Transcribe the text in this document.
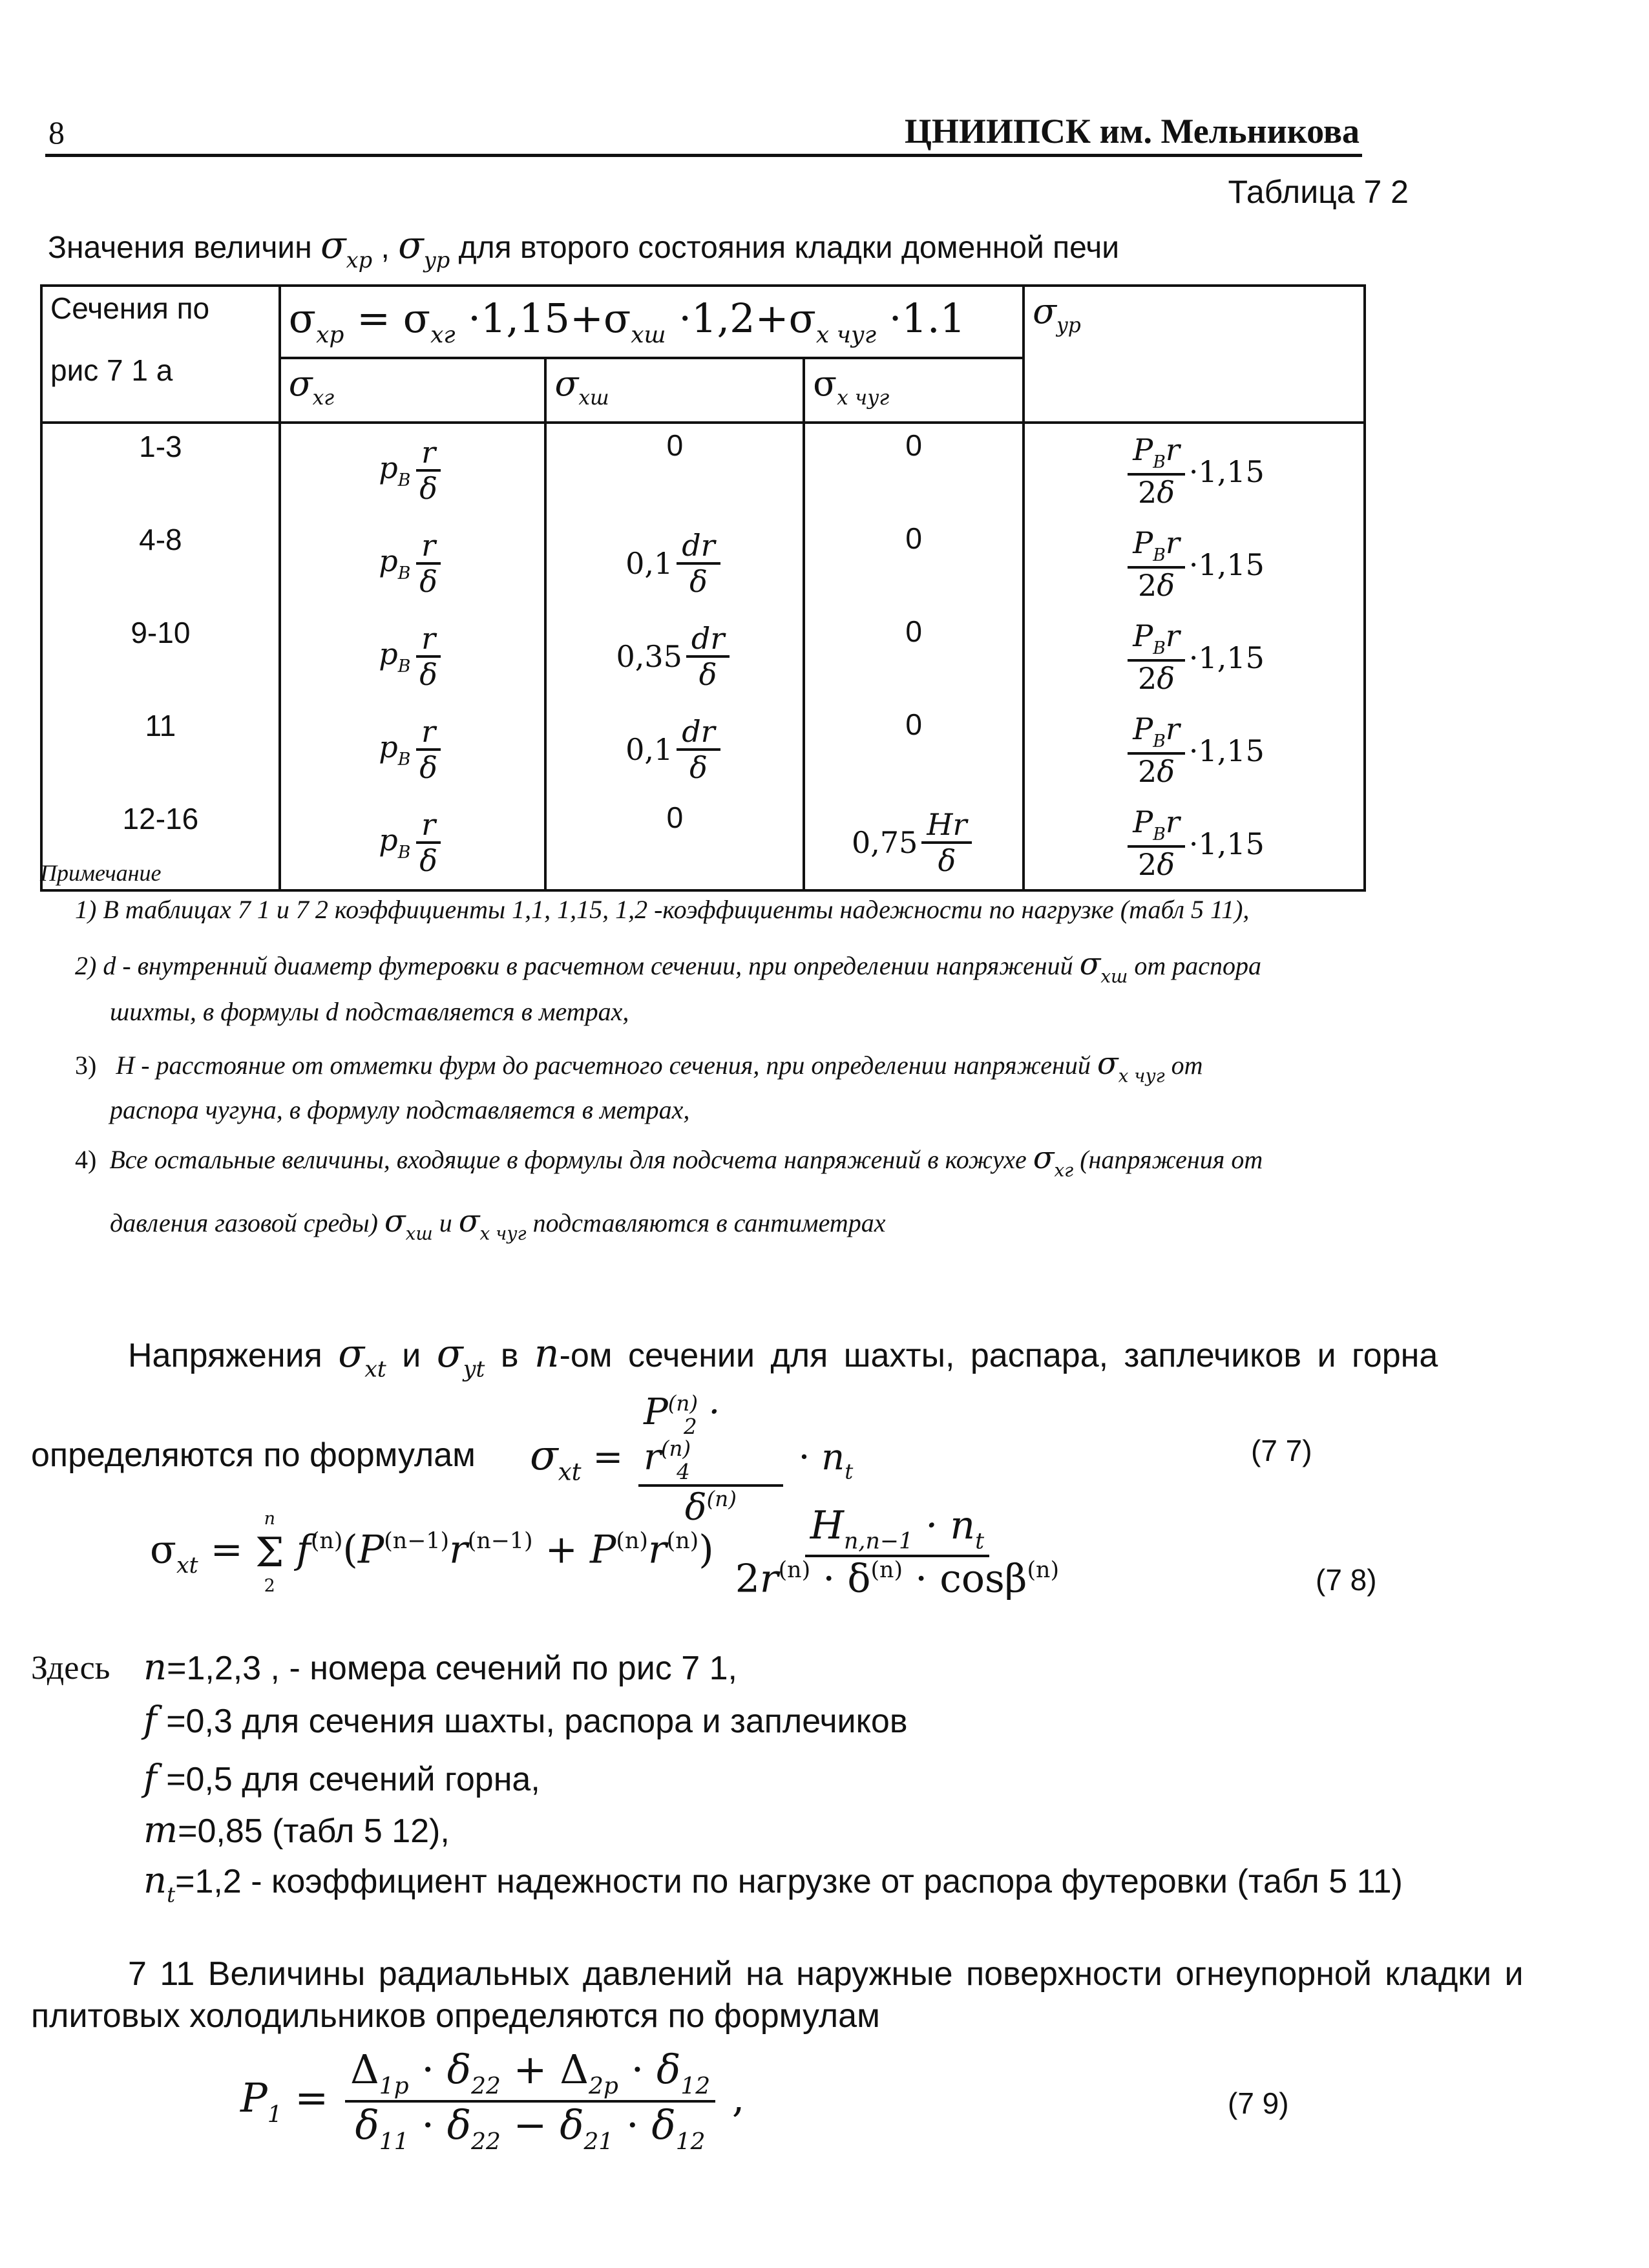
8	ЦНИИПСК им. Мельникова
Таблица 7 2
Значения величин $\sigma_{xp}$ , $\sigma_{yp}$ для второго состояния кладки доменной печи
Сечения по
рис 7 1 а	$\sigma_{xp} = \sigma_{xг} \cdot 1,15+\sigma_{xш} \cdot 1,2+\sigma_{x чуг} \cdot 1.1$			$\sigma_{yp}$
	$\sigma_{xг}$	$\sigma_{xш}$	$\sigma_{x чуг}$
1-3	$p_B \frac{r}{\delta}$	0	0	$\frac{P_Br}{2\delta} \cdot 1,15$

4-8	$p_B \frac{r}{\delta}$	$0,1 \frac{dr}{\delta}$	0	$\frac{P_Br}{2\delta} \cdot 1,15$

9-10	$p_B \frac{r}{\delta}$	$0,35 \frac{dr}{\delta}$	0	$\frac{P_Br}{2\delta} \cdot 1,15$

11	$p_B \frac{r}{\delta}$	$0,1 \frac{dr}{\delta}$	0	$\frac{P_Br}{2\delta} \cdot 1,15$

12-16	$p_B \frac{r}{\delta}$	0	$0,75 \frac{Hr}{\delta}$	$\frac{P_Br}{2\delta} \cdot 1,15$
Примечание
1) В таблицах 7 1 и 7 2 коэффициенты 1,1, 1,15, 1,2 -коэффициенты надежности по нагрузке (табл 5 11),
2) d - внутренний диаметр футеровки в расчетном сечении, при определении напряжений $\sigma_{xш}$ от распора
шихты, в формулы d подставляется в метрах,
3) H - расстояние от отметки фурм до расчетного сечения, при определении напряжений $\sigma_{x чуг}$ от
распора чугуна, в формулу подставляется в метрах,
4) Все остальные величины, входящие в формулы для подсчета напряжений в кожухе $\sigma_{xг}$ (напряжения от
давления газовой среды) $\sigma_{xш}$ и $\sigma_{x чуг}$ подставляются в сантиметрах
Напряжения $\sigma_{xt}$ и $\sigma_{yt}$ в n-ом сечении для шахты, распара, заплечиков и горна
определяются по формулам $\sigma_{xt} = \frac{P^{(n)}_2 \cdot r^{(n)}_4}{\delta^{(n)}} \cdot n_t$
(7 7)
$\sigma_{xt}$ =
n
Σ
2
$f^{(n)}(P^{(n-1)}r^{(n-1)} + P^{(n)}r^{(n)}) \frac{H_{n,n-1} \cdot n_t}{2r^{(n)} \cdot \delta^{(n)} \cdot \cos\beta^{(n)}}$	(7 8)
Здесь n=1,2,3 , - номера сечений по рис 7 1,
f =0,3 для сечения шахты, распора и заплечиков
f =0,5 для сечений горна,
m=0,85 (табл 5 12),
$n_t=1,2$ - коэффициент надежности по нагрузке от распора футеровки (табл 5 11)
7 11 Величины радиальных давлений на наружные поверхности огнеупорной кладки и
плитовых холодильников определяются по формулам
$P_1 = \frac{\Delta_{1p} \cdot \delta_{22} + \Delta_{2p} \cdot \delta_{12}}{\delta_{11} \cdot \delta_{22} - \delta_{21} \cdot \delta_{12}}$ ,	(7 9)
